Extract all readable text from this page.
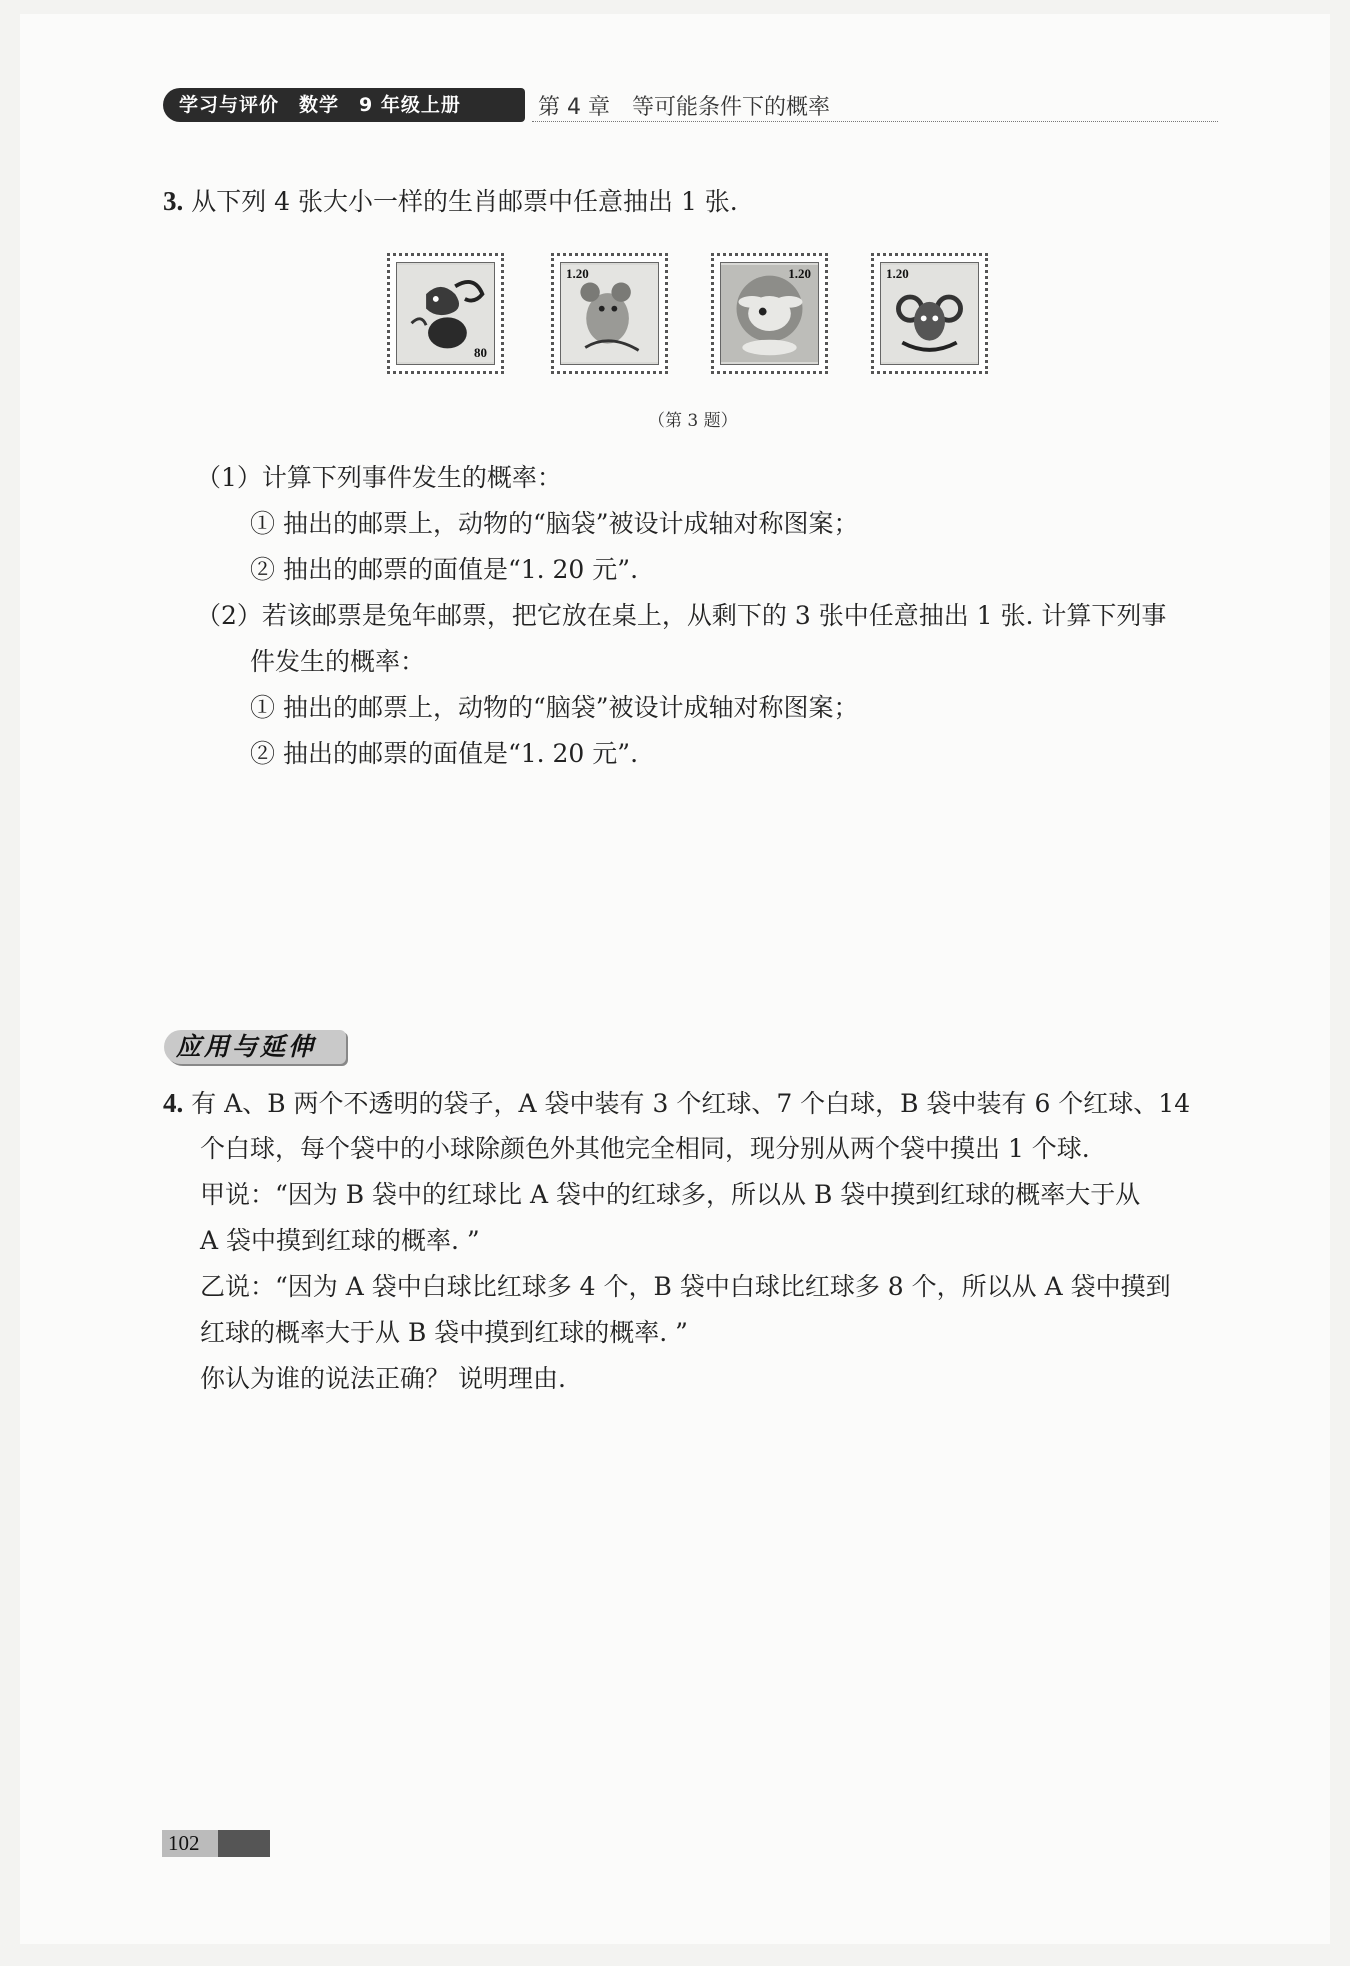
学习与评价 数学 9 年级上册	第 4 章 等可能条件下的概率
3. 从下列 4 张大小一样的生肖邮票中任意抽出 1 张.
80
1.20	1.20	1.20
（第 3 题）
（1）计算下列事件发生的概率：
① 抽出的邮票上，动物的“脑袋”被设计成轴对称图案；
② 抽出的邮票的面值是“1. 20 元”.
（2）若该邮票是兔年邮票，把它放在桌上，从剩下的 3 张中任意抽出 1 张. 计算下列事
件发生的概率：
① 抽出的邮票上，动物的“脑袋”被设计成轴对称图案；
② 抽出的邮票的面值是“1. 20 元”.
应用与延伸
4. 有 A、B 两个不透明的袋子，A 袋中装有 3 个红球、7 个白球，B 袋中装有 6 个红球、14
个白球，每个袋中的小球除颜色外其他完全相同，现分别从两个袋中摸出 1 个球.
甲说：“因为 B 袋中的红球比 A 袋中的红球多，所以从 B 袋中摸到红球的概率大于从
A 袋中摸到红球的概率. ”
乙说：“因为 A 袋中白球比红球多 4 个，B 袋中白球比红球多 8 个，所以从 A 袋中摸到
红球的概率大于从 B 袋中摸到红球的概率. ”
你认为谁的说法正确？ 说明理由.
102
